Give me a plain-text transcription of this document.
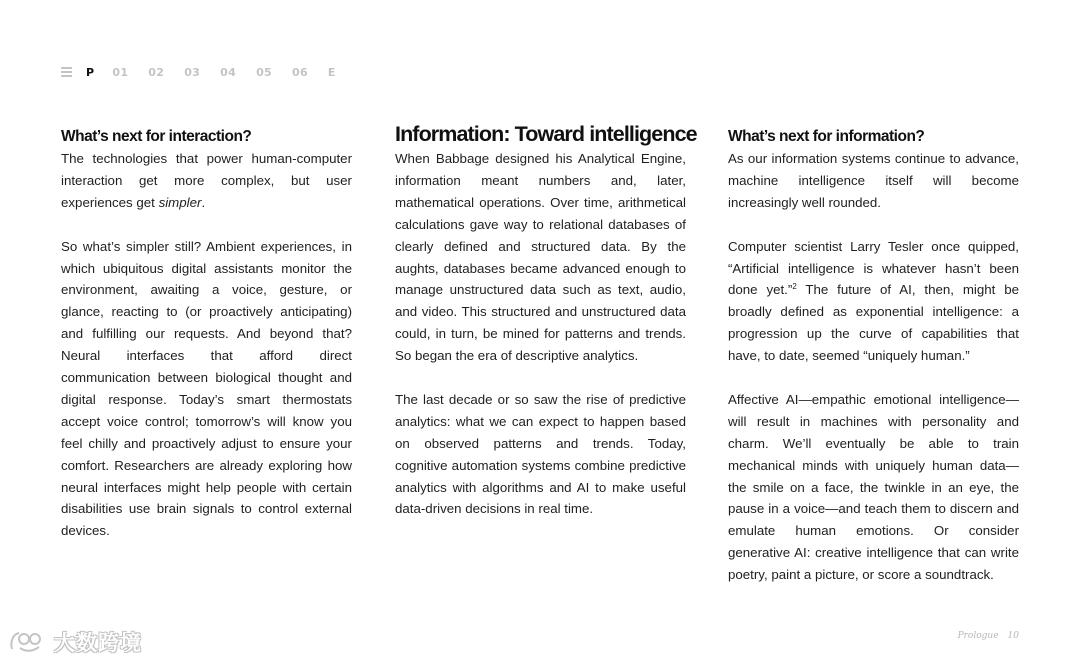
P 01 02 03 04 05 06 E
What’s next for interaction?

The technologies that power human-computer interaction get more complex, but user experiences get simpler.

So what’s simpler still? Ambient experiences, in which ubiquitous digital assistants monitor the environment, awaiting a voice, gesture, or glance, reacting to (or proactively anticipating) and fulfilling our requests. And beyond that? Neural interfaces that afford direct communication between biological thought and digital response. Today’s smart thermostats accept voice control; tomorrow’s will know you feel chilly and proactively adjust to ensure your comfort. Researchers are already exploring how neural interfaces might help people with certain disabilities use brain signals to control external devices.

Information: Toward intelligence

When Babbage designed his Analytical Engine, information meant numbers and, later, mathematical operations. Over time, arithmetical calculations gave way to relational databases of clearly defined and structured data. By the aughts, databases became advanced enough to manage unstructured data such as text, audio, and video. This structured and unstructured data could, in turn, be mined for patterns and trends. So began the era of descriptive analytics.

The last decade or so saw the rise of predictive analytics: what we can expect to happen based on observed patterns and trends. Today, cognitive automation systems combine predictive analytics with algorithms and AI to make useful data-driven decisions in real time.

What’s next for information?

As our information systems continue to advance, machine intelligence itself will become increasingly well rounded.

Computer scientist Larry Tesler once quipped, “Artificial intelligence is whatever hasn’t been done yet.”$^2$ The future of AI, then, might be broadly defined as exponential intelligence: a progression up the curve of capabilities that have, to date, seemed “uniquely human.”

Affective AI—empathic emotional intelligence—will result in machines with personality and charm. We’ll eventually be able to train mechanical minds with uniquely human data—the smile on a face, the twinkle in an eye, the pause in a voice—and teach them to discern and emulate human emotions. Or consider generative AI: creative intelligence that can write poetry, paint a picture, or score a soundtrack.

Prologue 10
大数跨境
